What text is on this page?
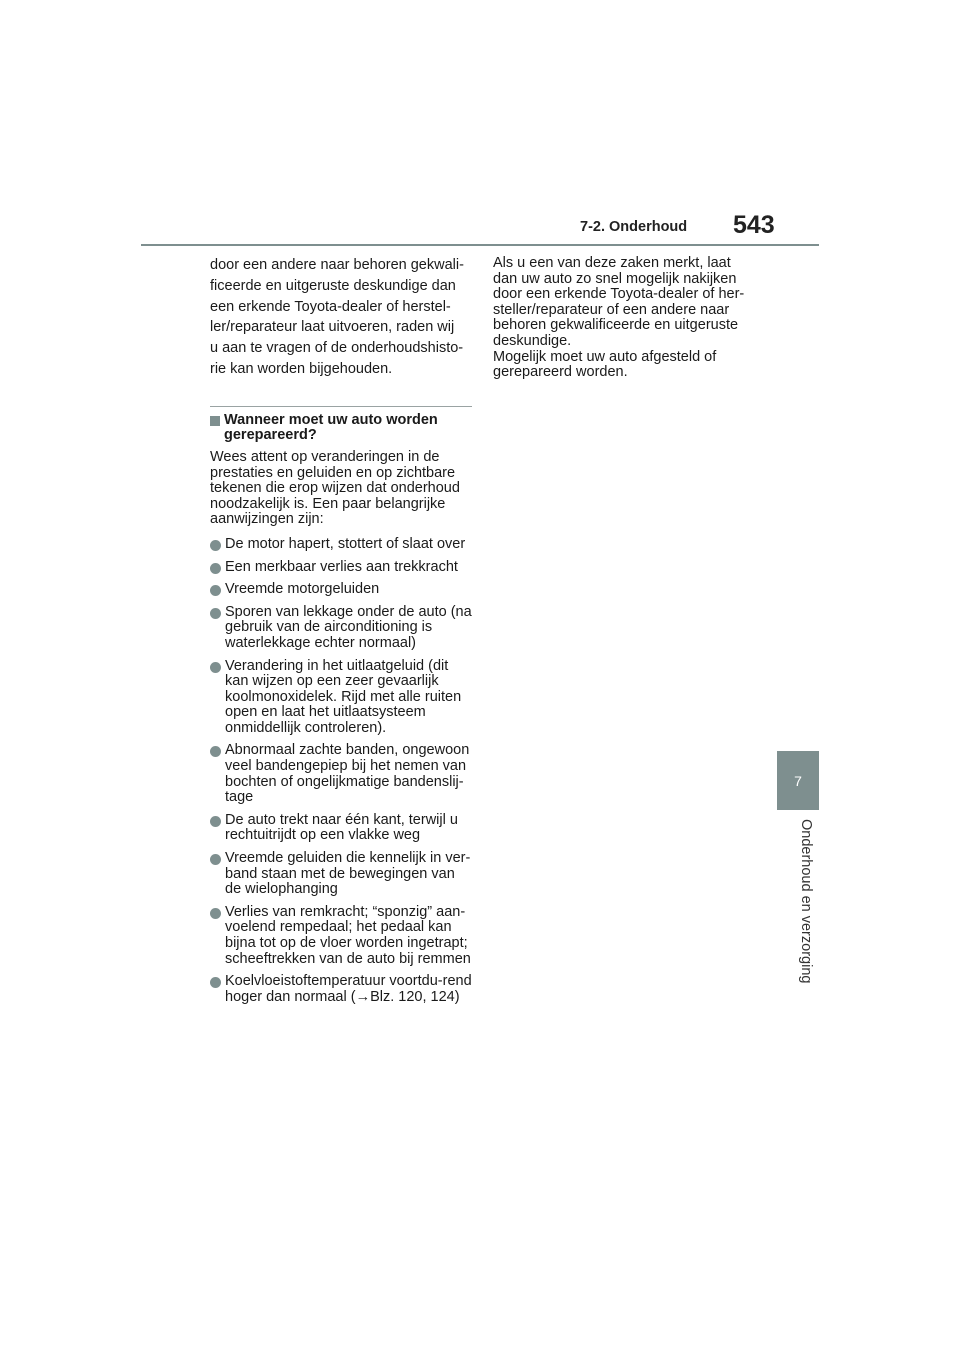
7-2. Onderhoud 543
7
Onderhoud en verzorging

door een andere naar behoren gekwali-

ficeerde en uitgeruste deskundige dan

een erkende Toyota-dealer of herstel-

ler/reparateur laat uitvoeren, raden wij

u aan te vragen of de onderhoudshisto-

rie kan worden bijgehouden.

Wanneer moet uw auto worden gerepareerd?

Wees attent op veranderingen in de prestaties en geluiden en op zichtbare tekenen die erop wijzen dat onderhoud noodzakelijk is. Een paar belangrijke aanwijzingen zijn:

De motor hapert, stottert of slaat over
Een merkbaar verlies aan trekkracht
Vreemde motorgeluiden
Sporen van lekkage onder de auto (na gebruik van de airconditioning is waterlekkage echter normaal)
Verandering in het uitlaatgeluid (dit kan wijzen op een zeer gevaarlijk koolmonoxidelek. Rijd met alle ruiten open en laat het uitlaatsysteem onmiddellijk controleren).
Abnormaal zachte banden, ongewoon veel bandengepiep bij het nemen van bochten of ongelijkmatige bandenslij-tage
De auto trekt naar één kant, terwijl u rechtuitrijdt op een vlakke weg
Vreemde geluiden die kennelijk in ver-band staan met de bewegingen van de wielophanging
Verlies van remkracht; “sponzig” aan-voelend rempedaal; het pedaal kan bijna tot op de vloer worden ingetrapt; scheeftrekken van de auto bij remmen
Koelvloeistoftemperatuur voortdu-rend hoger dan normaal (→Blz. 120, 124)

Als u een van deze zaken merkt, laat dan uw auto zo snel mogelijk nakijken door een erkende Toyota-dealer of her-steller/reparateur of een andere naar behoren gekwalificeerde en uitgeruste deskundige.

Mogelijk moet uw auto afgesteld of gerepareerd worden.
